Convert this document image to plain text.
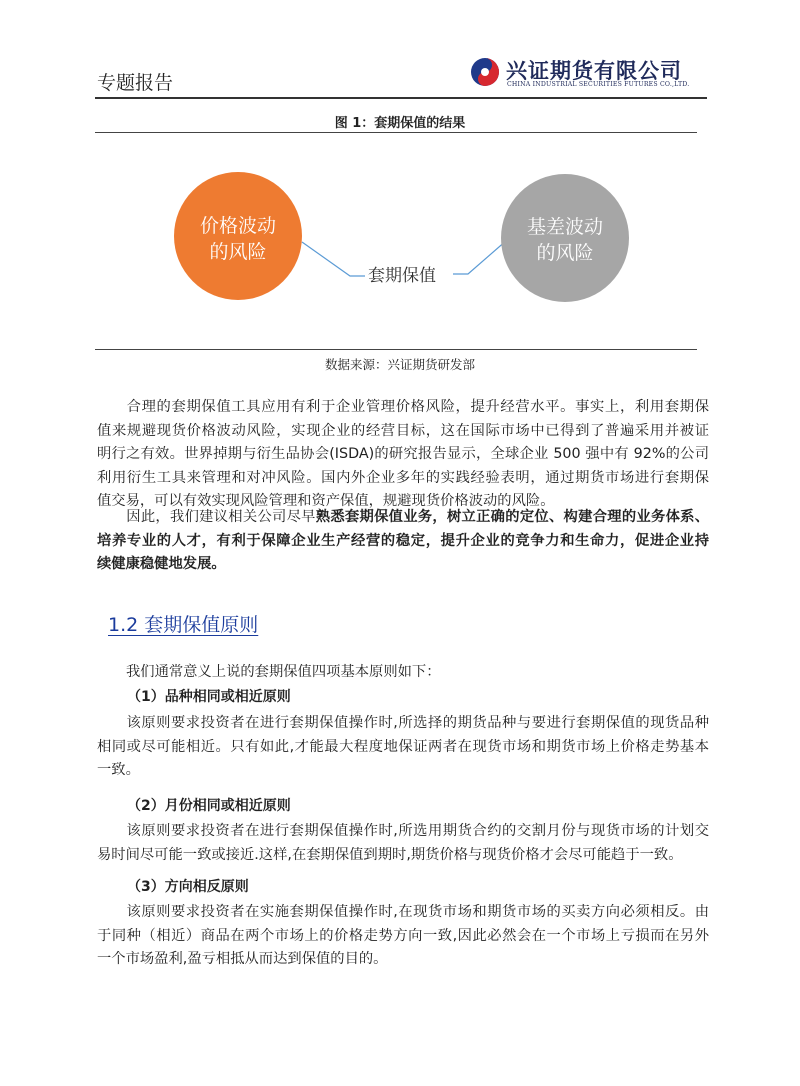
专题报告	兴证期货有限公司
CHINA INDUSTRIAL SECURITIES FUTURES CO.,LTD.
图 1：套期保值的结果
价格波动
的风险
基差波动
的风险
套期保值
数据来源：兴证期货研发部
合理的套期保值工具应用有利于企业管理价格风险，提升经营水平。事实上，利用套期保
值来规避现货价格波动风险，实现企业的经营目标，这在国际市场中已得到了普遍采用并被证
明行之有效。世界掉期与衍生品协会(ISDA)的研究报告显示，全球企业 500 强中有 92%的公司
利用衍生工具来管理和对冲风险。国内外企业多年的实践经验表明，通过期货市场进行套期保
值交易，可以有效实现风险管理和资产保值，规避现货价格波动的风险。
因此，我们建议相关公司尽早熟悉套期保值业务，树立正确的定位、构建合理的业务体系、
培养专业的人才，有利于保障企业生产经营的稳定，提升企业的竞争力和生命力，促进企业持
续健康稳健地发展。
1.2 套期保值原则
我们通常意义上说的套期保值四项基本原则如下：
（1）品种相同或相近原则
该原则要求投资者在进行套期保值操作时,所选择的期货品种与要进行套期保值的现货品种
相同或尽可能相近。只有如此,才能最大程度地保证两者在现货市场和期货市场上价格走势基本
一致。
（2）月份相同或相近原则
该原则要求投资者在进行套期保值操作时,所选用期货合约的交割月份与现货市场的计划交
易时间尽可能一致或接近.这样,在套期保值到期时,期货价格与现货价格才会尽可能趋于一致。
（3）方向相反原则
该原则要求投资者在实施套期保值操作时,在现货市场和期货市场的买卖方向必须相反。由
于同种（相近）商品在两个市场上的价格走势方向一致,因此必然会在一个市场上亏损而在另外
一个市场盈利,盈亏相抵从而达到保值的目的。
